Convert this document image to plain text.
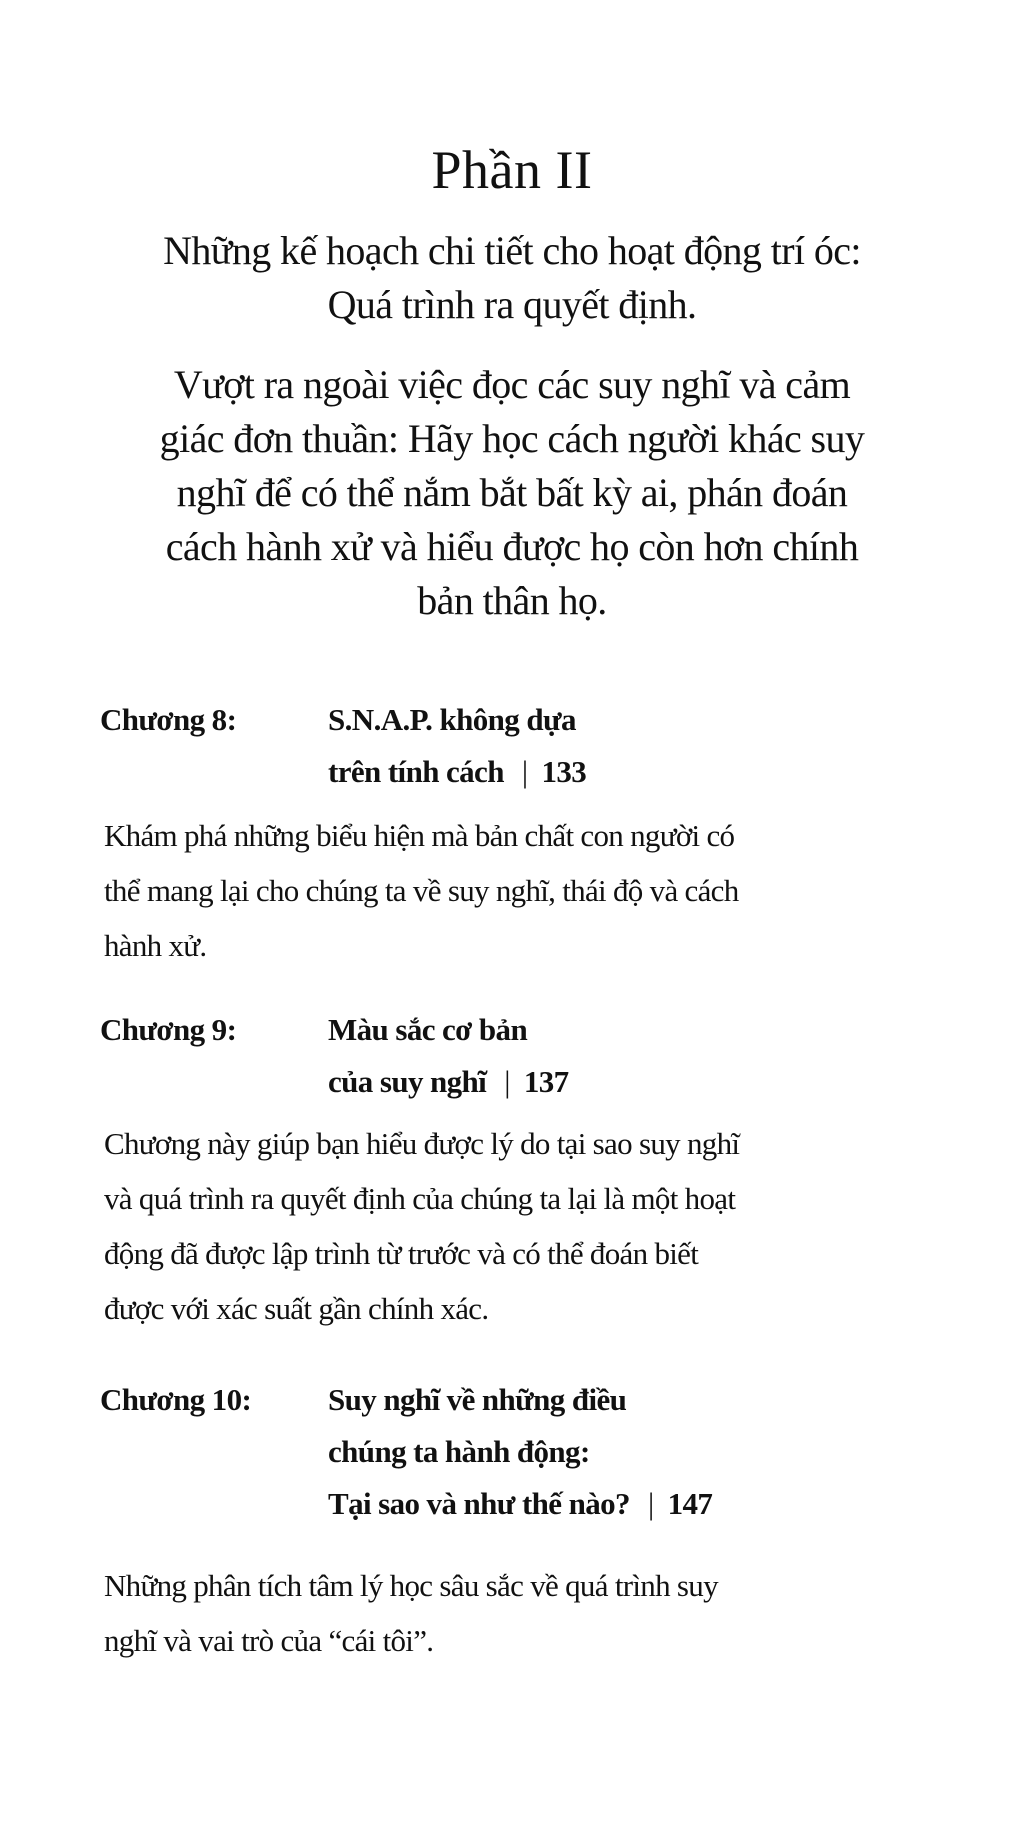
Phần II
Những kế hoạch chi tiết cho hoạt động trí óc:
Quá trình ra quyết định.
Vượt ra ngoài việc đọc các suy nghĩ và cảm
giác đơn thuần: Hãy học cách người khác suy
nghĩ để có thể nắm bắt bất kỳ ai, phán đoán
cách hành xử và hiểu được họ còn hơn chính
bản thân họ.
Chương 8:	S.N.A.P. không dựa
trên tính cách | 133
Khám phá những biểu hiện mà bản chất con người có
thể mang lại cho chúng ta về suy nghĩ, thái độ và cách
hành xử.
Chương 9:	Màu sắc cơ bản
của suy nghĩ | 137
Chương này giúp bạn hiểu được lý do tại sao suy nghĩ
và quá trình ra quyết định của chúng ta lại là một hoạt
động đã được lập trình từ trước và có thể đoán biết
được với xác suất gần chính xác.
Chương 10:	Suy nghĩ về những điều
chúng ta hành động:
Tại sao và như thế nào? | 147
Những phân tích tâm lý học sâu sắc về quá trình suy
nghĩ và vai trò của “cái tôi”.
